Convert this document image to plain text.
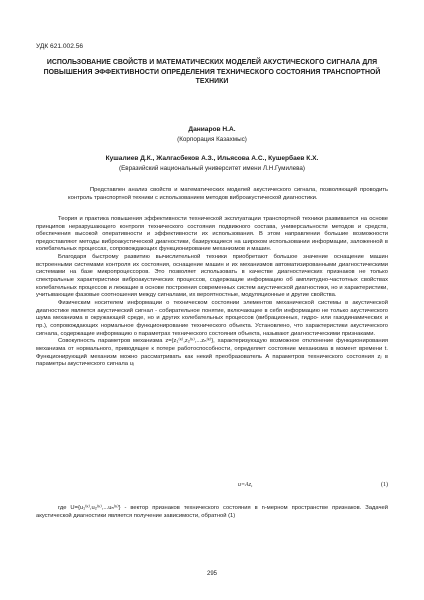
УДК 621.002.56
ИСПОЛЬЗОВАНИЕ СВОЙСТВ И МАТЕМАТИЧЕСКИХ МОДЕЛЕЙ АКУСТИЧЕСКОГО СИГНАЛА ДЛЯ ПОВЫШЕНИЯ ЭФФЕКТИВНОСТИ ОПРЕДЕЛЕНИЯ ТЕХНИЧЕСКОГО СОСТОЯНИЯ ТРАНСПОРТНОЙ ТЕХНИКИ
Даниаров Н.А.
(Корпорация Казахмыс)
Кушалиев Д.К., Жалгасбеков А.З., Ильясова А.С., Кушербаев К.Х.
(Евразийский национальный университет имени Л.Н.Гумилева)

Представлен анализ свойств и математических моделей акустического сигнала, позволяющий проводить контроль транспортной техники с использованием методов виброакустической диагностики.

Теория и практика повышения эффективности технической эксплуатации транспортной техники развивается на основе принципов неразрушающего контроля технического состояния подвижного состава, универсальности методов и средств, обеспечения высокой оперативности и эффективности их использования. В этом направлении большие возможности предоставляют методы виброакустической диагностики, базирующиеся на широком использовании информации, заложенной в колебательных процессах, сопровождающих функционирование механизмов и машин.

Благодаря быстрому развитию вычислительной техники приобретают большое значение оснащение машин встроенными системами контроля их состояния, оснащение машин и их механизмов автоматизированными диагностическими системами на базе микропроцессоров. Это позволяет использовать в качестве диагностических признаков не только спектральные характеристики виброакустических процессов, содержащие информацию об амплитудно-частотных свойствах колебательных процессов и лежащие в основе построения современных систем акустической диагностики, но и характеристики, учитывающие фазовые соотношения между сигналами, их вероятностные, модуляционные и другие свойства.

Физическим носителем информации о техническом состоянии элементов механической системы в акустической диагностике является акустический сигнал - собирательное понятие, включающее в себя информацию не только акустического шума механизма в окружающей среде, но и других колебательных процессов (вибрационных, гидро- или газодинамических и пр.), сопровождающих нормальное функционирование технического объекта. Установлено, что характеристики акустического сигнала, содержащие информацию о параметрах технического состояния объекта, называют диагностическими признаками.

Совокупность параметров механизма z={z₁⁽ᵏ⁾,z₂⁽ᵏ⁾,...zₙ⁽ᵏ⁾}, характеризующую возможное отклонение функционирования механизма от нормального, приводящее к потере работоспособности, определяет состояние механизма в момент времени t. Функционирующий механизм можно рассматривать как некий преобразователь A параметров технического состояния zⱼ в параметры акустического сигнала uⱼ

u=Az,	(1)

где U={u₁⁽ᵏ⁾,u₂⁽ᵏ⁾,...uₙ⁽ᵏ⁾} - вектор признаков технического состояния в n-мерном пространстве признаков. Задачей акустической диагностики является получение зависимости, обратной (1)

295
